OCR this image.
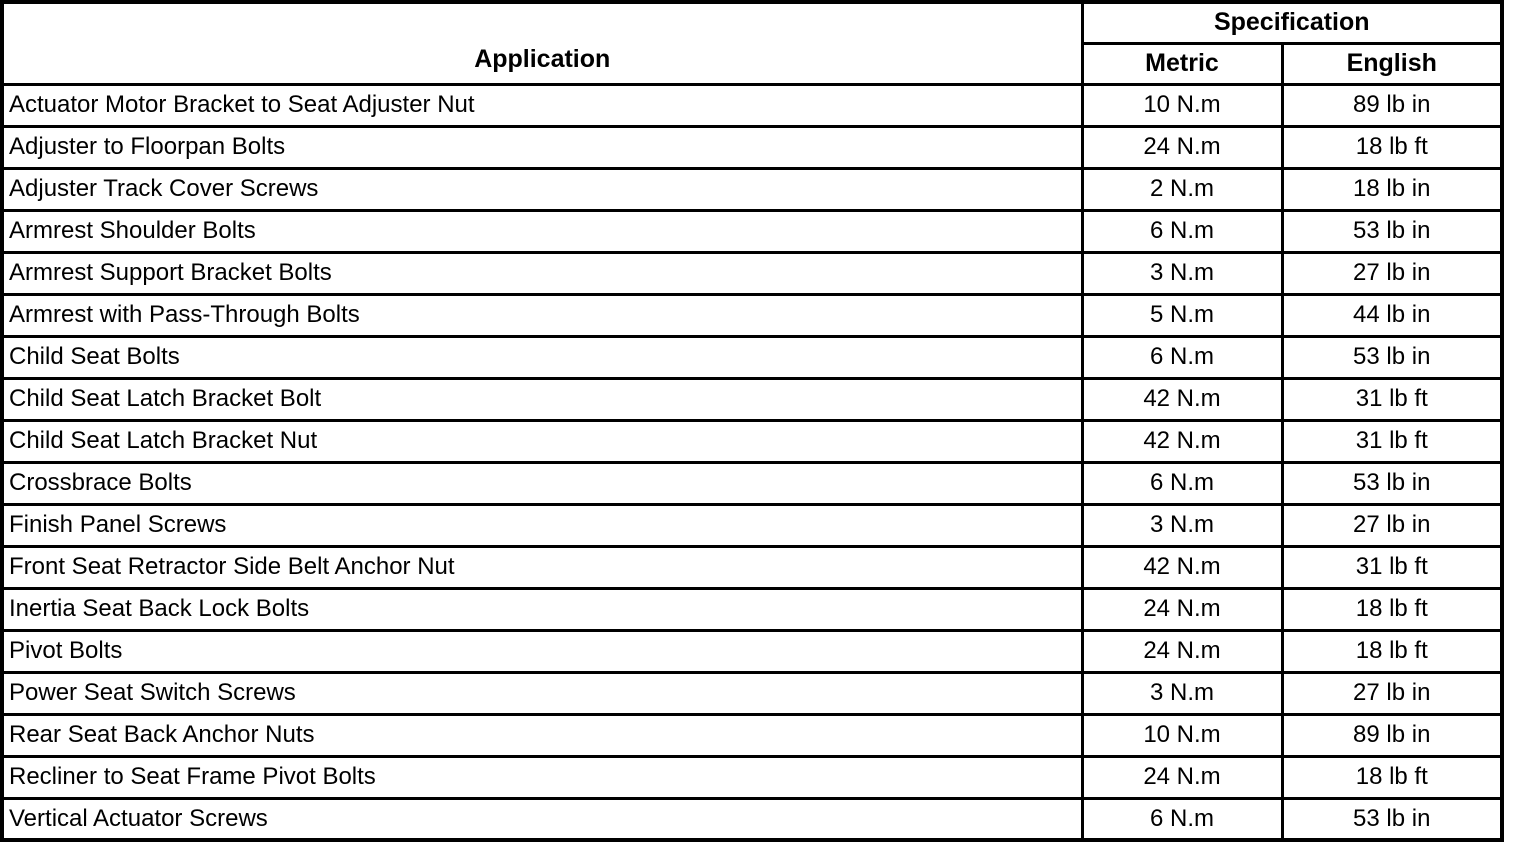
Application	Specification	
	Metric	English
Actuator Motor Bracket to Seat Adjuster Nut	10 N.m	89 lb in
Adjuster to Floorpan Bolts	24 N.m	18 lb ft
Adjuster Track Cover Screws	2 N.m	18 lb in
Armrest Shoulder Bolts	6 N.m	53 lb in
Armrest Support Bracket Bolts	3 N.m	27 lb in
Armrest with Pass-Through Bolts	5 N.m	44 lb in
Child Seat Bolts	6 N.m	53 lb in
Child Seat Latch Bracket Bolt	42 N.m	31 lb ft
Child Seat Latch Bracket Nut	42 N.m	31 lb ft
Crossbrace Bolts	6 N.m	53 lb in
Finish Panel Screws	3 N.m	27 lb in
Front Seat Retractor Side Belt Anchor Nut	42 N.m	31 lb ft
Inertia Seat Back Lock Bolts	24 N.m	18 lb ft
Pivot Bolts	24 N.m	18 lb ft
Power Seat Switch Screws	3 N.m	27 lb in
Rear Seat Back Anchor Nuts	10 N.m	89 lb in
Recliner to Seat Frame Pivot Bolts	24 N.m	18 lb ft
Vertical Actuator Screws	6 N.m	53 lb in
